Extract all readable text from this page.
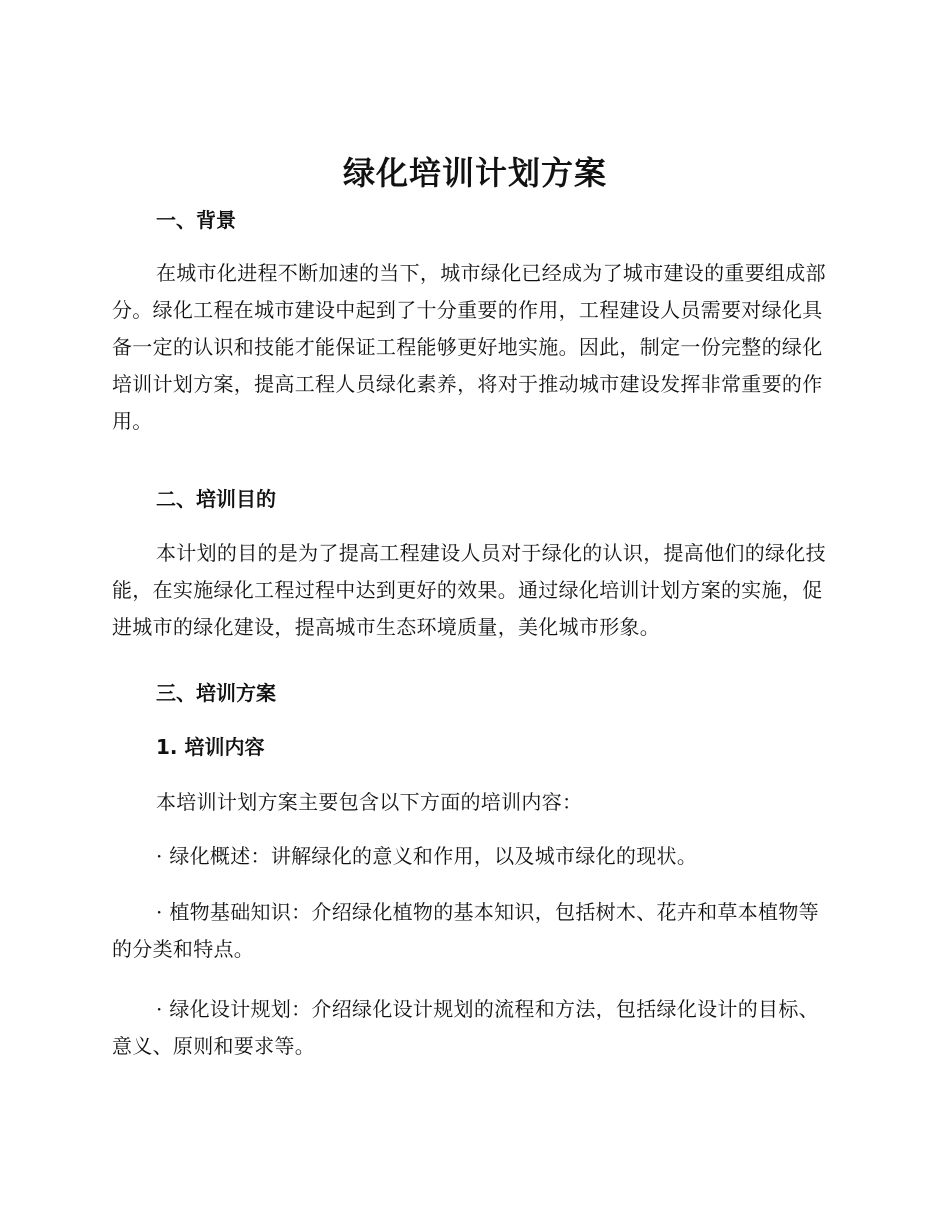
绿化培训计划方案
一、背景
在城市化进程不断加速的当下，城市绿化已经成为了城市建设的重要组成部分。绿化工程在城市建设中起到了十分重要的作用，工程建设人员需要对绿化具备一定的认识和技能才能保证工程能够更好地实施。因此，制定一份完整的绿化培训计划方案，提高工程人员绿化素养，将对于推动城市建设发挥非常重要的作用。
二、培训目的
本计划的目的是为了提高工程建设人员对于绿化的认识，提高他们的绿化技能，在实施绿化工程过程中达到更好的效果。通过绿化培训计划方案的实施，促进城市的绿化建设，提高城市生态环境质量，美化城市形象。
三、培训方案
1. 培训内容
本培训计划方案主要包含以下方面的培训内容：
· 绿化概述：讲解绿化的意义和作用，以及城市绿化的现状。
· 植物基础知识：介绍绿化植物的基本知识，包括树木、花卉和草本植物等的分类和特点。
· 绿化设计规划：介绍绿化设计规划的流程和方法，包括绿化设计的目标、意义、原则和要求等。
